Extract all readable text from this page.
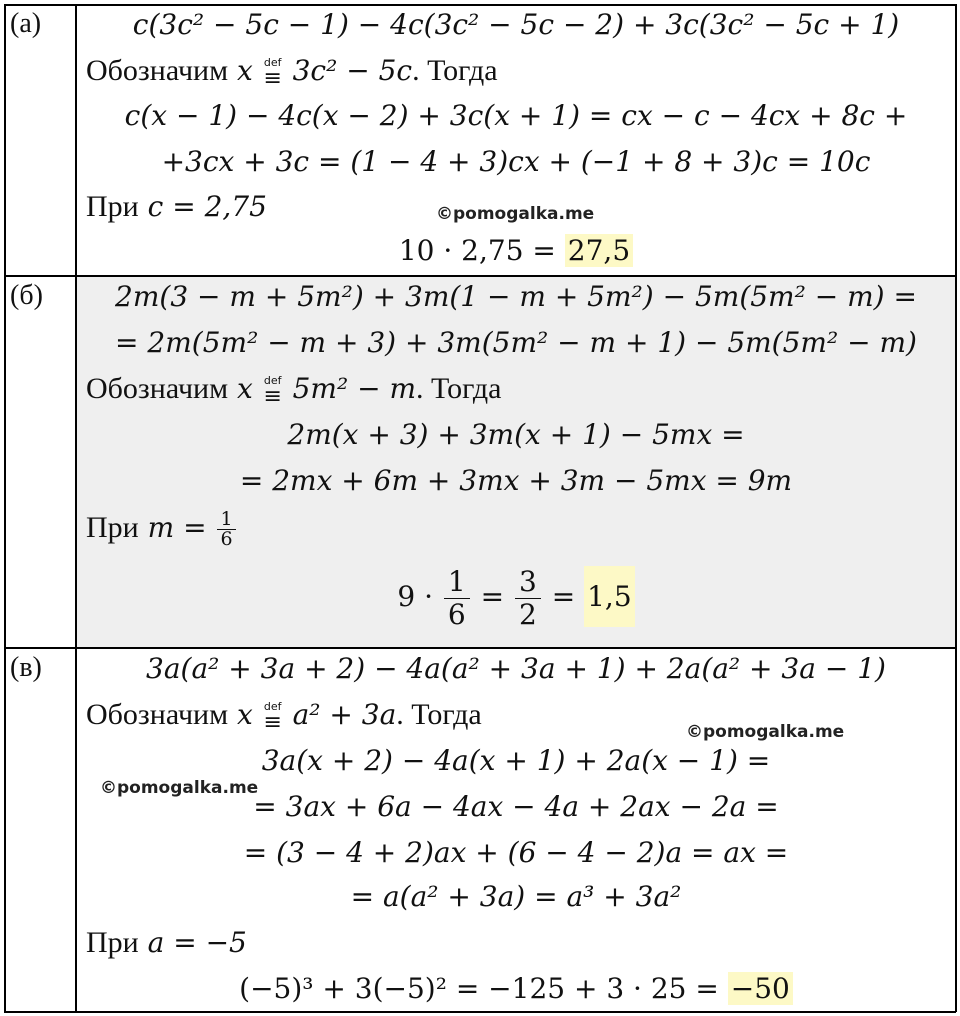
(а)	c(3c² − 5c − 1) − 4c(3c² − 5c − 2) + 3c(3c² − 5c + 1)
Обозначим x def
≡ 3c² − 5c. Тогда
c(x − 1) − 4c(x − 2) + 3c(x + 1) = cx − c − 4cx + 8c +
+3cx + 3c = (1 − 4 + 3)cx + (−1 + 8 + 3)c = 10c
При c = 2,75	©pomogalka.me
10 · 2,75 = 27,5
(б)	2m(3 − m + 5m²) + 3m(1 − m + 5m²) − 5m(5m² − m) =
= 2m(5m² − m + 3) + 3m(5m² − m + 1) − 5m(5m² − m)
Обозначим x def
≡ 5m² − m. Тогда
2m(x + 3) + 3m(x + 1) − 5mx =
= 2mx + 6m + 3mx + 3m − 5mx = 9m
При $m = \frac{1}{6}$
$9 \cdot \frac{1}{6} = \frac{3}{2} = 1,5$
(в)	3a(a² + 3a + 2) − 4a(a² + 3a + 1) + 2a(a² + 3a − 1)
Обозначим x def
≡ a² + 3a. Тогда
©pomogalka.me
3a(x + 2) − 4a(x + 1) + 2a(x − 1) =
©pomogalka.me
= 3ax + 6a − 4ax − 4a + 2ax − 2a =
= (3 − 4 + 2)ax + (6 − 4 − 2)a = ax =
= a(a² + 3a) = a³ + 3a²
При a = −5
(−5)³ + 3(−5)² = −125 + 3 · 25 = −50
